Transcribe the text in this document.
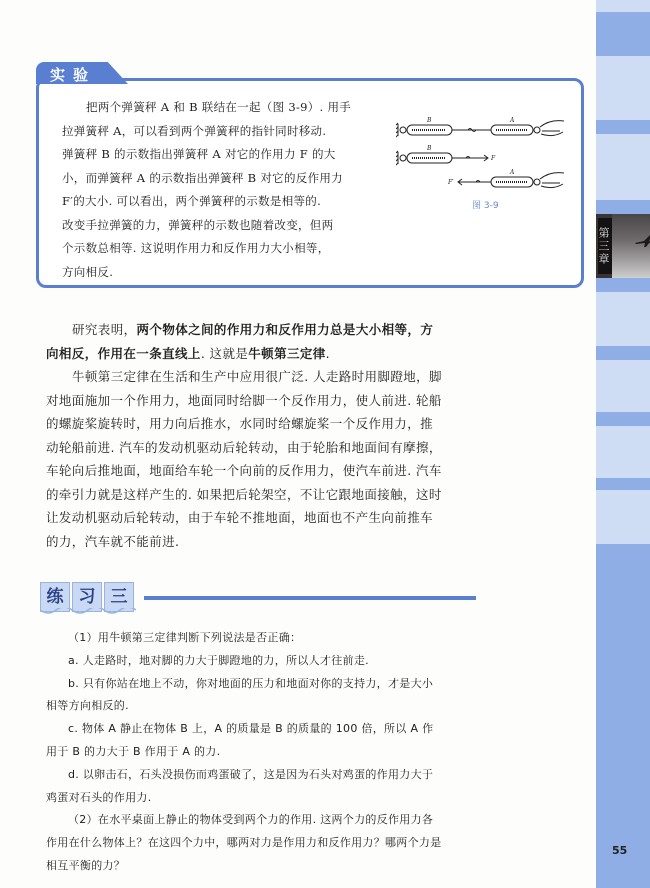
第三章
55
实验
把两个弹簧秤 A 和 B 联结在一起（图 3-9）. 用手
拉弹簧秤 A，可以看到两个弹簧秤的指针同时移动.
弹簧秤 B 的示数指出弹簧秤 A 对它的作用力 F 的大
小，而弹簧秤 A 的示数指出弹簧秤 B 对它的反作用力
F′的大小. 可以看出，两个弹簧秤的示数是相等的.
改变手拉弹簧的力，弹簧秤的示数也随着改变，但两
个示数总相等. 这说明作用力和反作用力大小相等，
方向相反.
B	A
B
F
A
F′
图 3-9

研究表明，两个物体之间的作用力和反作用力总是大小相等，方向相反，作用在一条直线上. 这就是牛顿第三定律.

牛顿第三定律在生活和生产中应用很广泛. 人走路时用脚蹬地，脚对地面施加一个作用力，地面同时给脚一个反作用力，使人前进. 轮船的螺旋桨旋转时，用力向后推水，水同时给螺旋桨一个反作用力，推动轮船前进. 汽车的发动机驱动后轮转动，由于轮胎和地面间有摩擦，车轮向后推地面，地面给车轮一个向前的反作用力，使汽车前进. 汽车的牵引力就是这样产生的. 如果把后轮架空，不让它跟地面接触，这时让发动机驱动后轮转动，由于车轮不推地面，地面也不产生向前推车的力，汽车就不能前进.

练 习 三

（1）用牛顿第三定律判断下列说法是否正确：

a. 人走路时，地对脚的力大于脚蹬地的力，所以人才往前走.

b. 只有你站在地上不动，你对地面的压力和地面对你的支持力，才是大小相等方向相反的.

c. 物体 A 静止在物体 B 上，A 的质量是 B 的质量的 100 倍，所以 A 作用于 B 的力大于 B 作用于 A 的力.

d. 以卵击石，石头没损伤而鸡蛋破了，这是因为石头对鸡蛋的作用力大于鸡蛋对石头的作用力.

（2）在水平桌面上静止的物体受到两个力的作用. 这两个力的反作用力各作用在什么物体上？在这四个力中，哪两对力是作用力和反作用力？哪两个力是相互平衡的力？
